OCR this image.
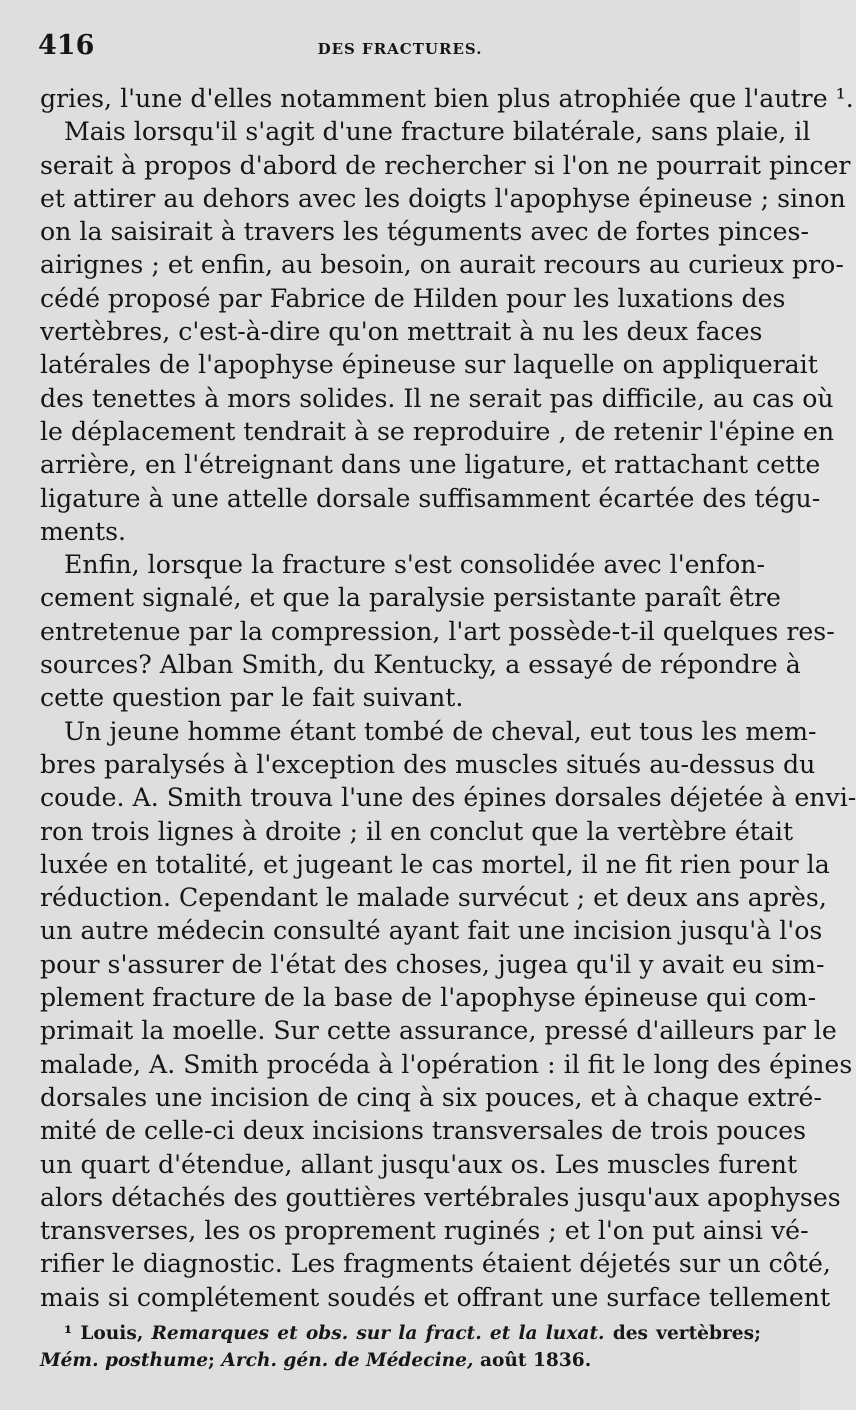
416	DES FRACTURES.
gries, l'une d'elles notamment bien plus atrophiée que l'autre ¹.
Mais lorsqu'il s'agit d'une fracture bilatérale, sans plaie, il
serait à propos d'abord de rechercher si l'on ne pourrait pincer
et attirer au dehors avec les doigts l'apophyse épineuse ; sinon
on la saisirait à travers les téguments avec de fortes pinces-
airignes ; et enfin, au besoin, on aurait recours au curieux pro-
cédé proposé par Fabrice de Hilden pour les luxations des
vertèbres, c'est-à-dire qu'on mettrait à nu les deux faces
latérales de l'apophyse épineuse sur laquelle on appliquerait
des tenettes à mors solides. Il ne serait pas difficile, au cas où
le déplacement tendrait à se reproduire , de retenir l'épine en
arrière, en l'étreignant dans une ligature, et rattachant cette
ligature à une attelle dorsale suffisamment écartée des tégu-
ments.
Enfin, lorsque la fracture s'est consolidée avec l'enfon-
cement signalé, et que la paralysie persistante paraît être
entretenue par la compression, l'art possède-t-il quelques res-
sources? Alban Smith, du Kentucky, a essayé de répondre à
cette question par le fait suivant.
Un jeune homme étant tombé de cheval, eut tous les mem-
bres paralysés à l'exception des muscles situés au-dessus du
coude. A. Smith trouva l'une des épines dorsales déjetée à envi-
ron trois lignes à droite ; il en conclut que la vertèbre était
luxée en totalité, et jugeant le cas mortel, il ne fit rien pour la
réduction. Cependant le malade survécut ; et deux ans après,
un autre médecin consulté ayant fait une incision jusqu'à l'os
pour s'assurer de l'état des choses, jugea qu'il y avait eu sim-
plement fracture de la base de l'apophyse épineuse qui com-
primait la moelle. Sur cette assurance, pressé d'ailleurs par le
malade, A. Smith procéda à l'opération : il fit le long des épines
dorsales une incision de cinq à six pouces, et à chaque extré-
mité de celle-ci deux incisions transversales de trois pouces
un quart d'étendue, allant jusqu'aux os. Les muscles furent
alors détachés des gouttières vertébrales jusqu'aux apophyses
transverses, les os proprement ruginés ; et l'on put ainsi vé-
rifier le diagnostic. Les fragments étaient déjetés sur un côté,
mais si complétement soudés et offrant une surface tellement
¹ Louis, Remarques et obs. sur la fract. et la luxat. des vertèbres;
Mém. posthume; Arch. gén. de Médecine, août 1836.
